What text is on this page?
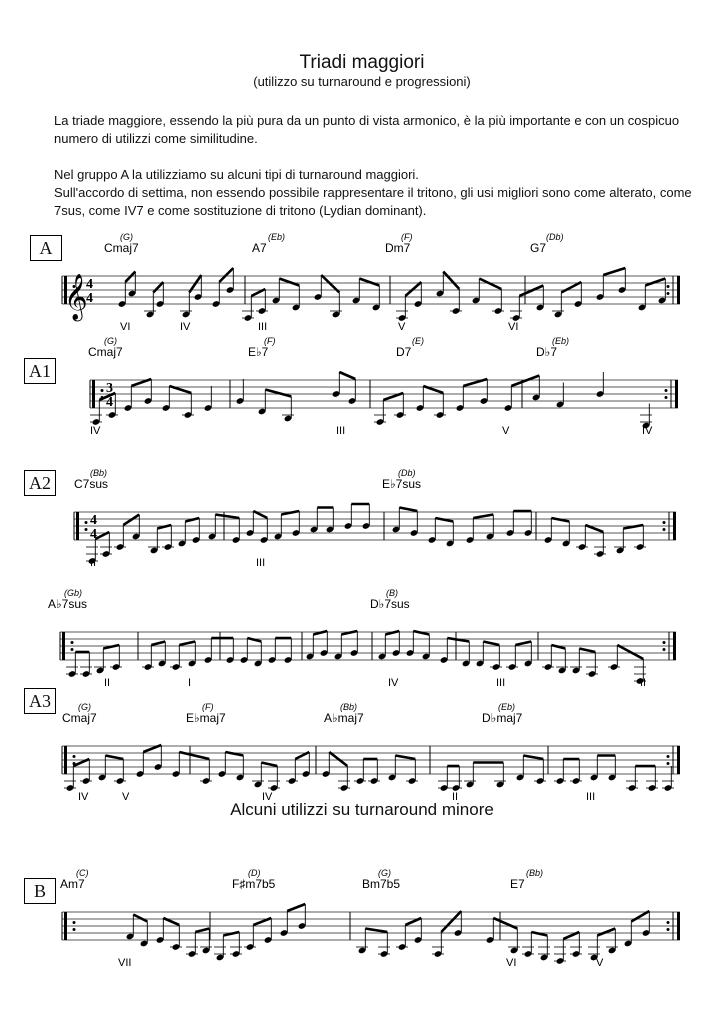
Triadi maggiori
(utilizzo su turnaround e progressioni)
La triade maggiore, essendo la più pura da un punto di vista armonico, è la più importante e con un cospicuo numero di utilizzi come similitudine.
Nel gruppo A la utilizziamo su alcuni tipi di turnaround maggiori.
Sull'accordo di settima, non essendo possibile rappresentare il tritono, gli usi migliori sono come alterato, come 7sus, come IV7 e come sostituzione di tritono (Lydian dominant).
Alcuni utilizzi su turnaround minore
𝄞
4
4
(G)
Cmaj7
(Eb)
A7
(F)
Dm7
(Db)
G7
VI	IV	III	V	VI
3
4
(G)
Cmaj7
(F)
E♭7
(E)
D7
(Eb)
D♭7
IV	III	V	IV
4
4
(Bb)
C7sus
(Db)
E♭7sus
II	III
(Gb)
A♭7sus
(B)
D♭7sus
II	I	IV	III	II
(G)
Cmaj7
(F)
E♭maj7
(Bb)
A♭maj7
(Eb)
D♭maj7
IV	V	IV	II	III
(C)
Am7
(D)
F♯m7b5
(G)
Bm7b5
(Bb)
E7
VII	VI	V
A
A1
A2
A3
B
